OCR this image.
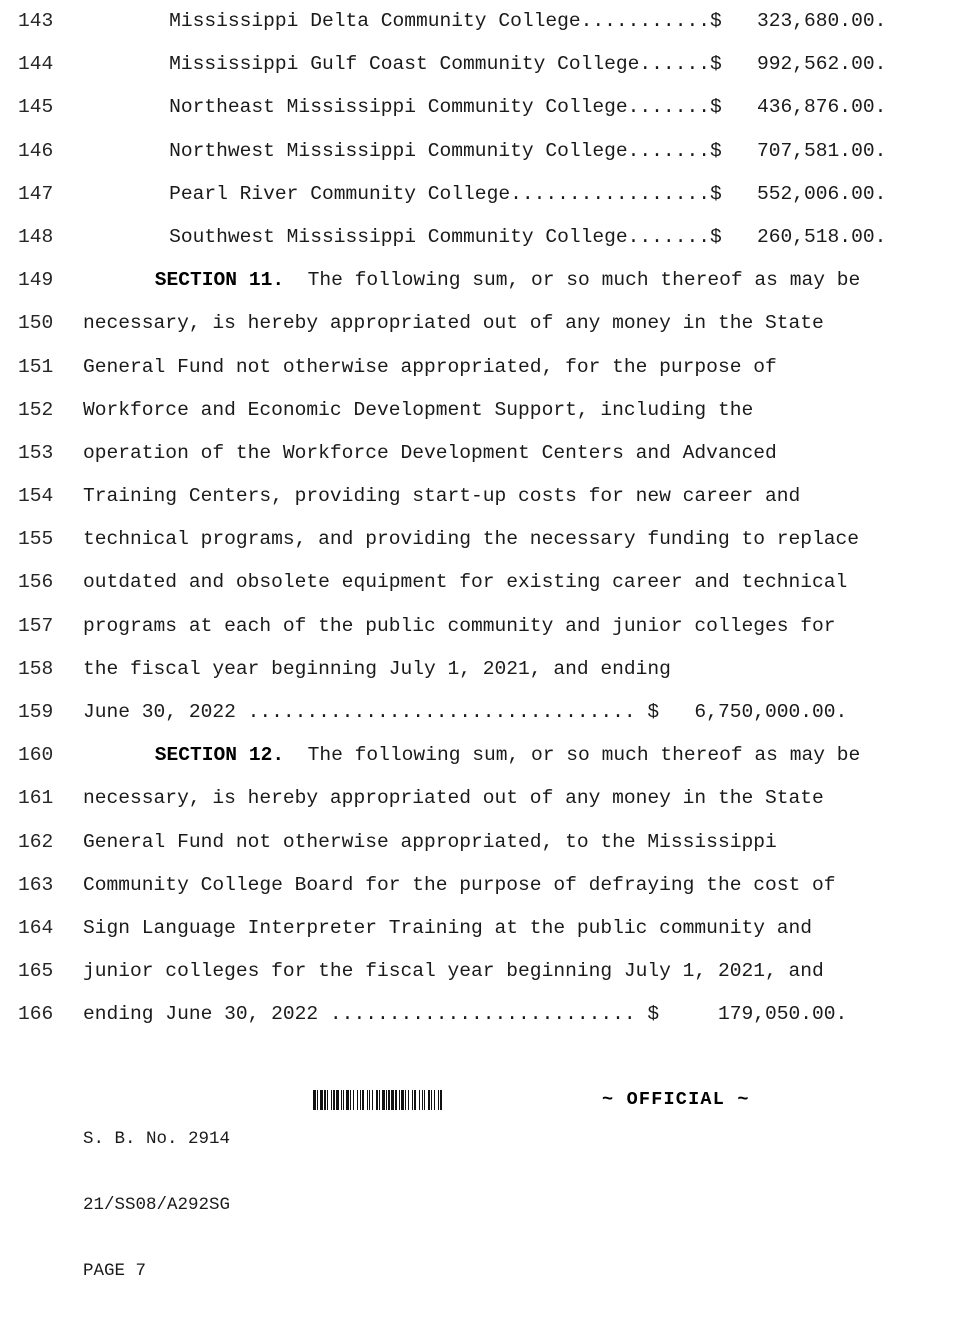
143	Mississippi Delta Community College...........$   323,680.00.
144	Mississippi Gulf Coast Community College......$   992,562.00.
145	Northeast Mississippi Community College.......$   436,876.00.
146	Northwest Mississippi Community College.......$   707,581.00.
147	Pearl River Community College.................$   552,006.00.
148	Southwest Mississippi Community College.......$   260,518.00.
149	SECTION 11.  The following sum, or so much thereof as may be
150	necessary, is hereby appropriated out of any money in the State
151	General Fund not otherwise appropriated, for the purpose of
152	Workforce and Economic Development Support, including the
153	operation of the Workforce Development Centers and Advanced
154	Training Centers, providing start-up costs for new career and
155	technical programs, and providing the necessary funding to replace
156	outdated and obsolete equipment for existing career and technical
157	programs at each of the public community and junior colleges for
158	the fiscal year beginning July 1, 2021, and ending
159	June 30, 2022 ................................. $   6,750,000.00.
160	SECTION 12.  The following sum, or so much thereof as may be
161	necessary, is hereby appropriated out of any money in the State
162	General Fund not otherwise appropriated, to the Mississippi
163	Community College Board for the purpose of defraying the cost of
164	Sign Language Interpreter Training at the public community and
165	junior colleges for the fiscal year beginning July 1, 2021, and
166	ending June 30, 2022 .......................... $     179,050.00.

S. B. No. 2914

21/SS08/A292SG

PAGE 7

~ OFFICIAL ~
